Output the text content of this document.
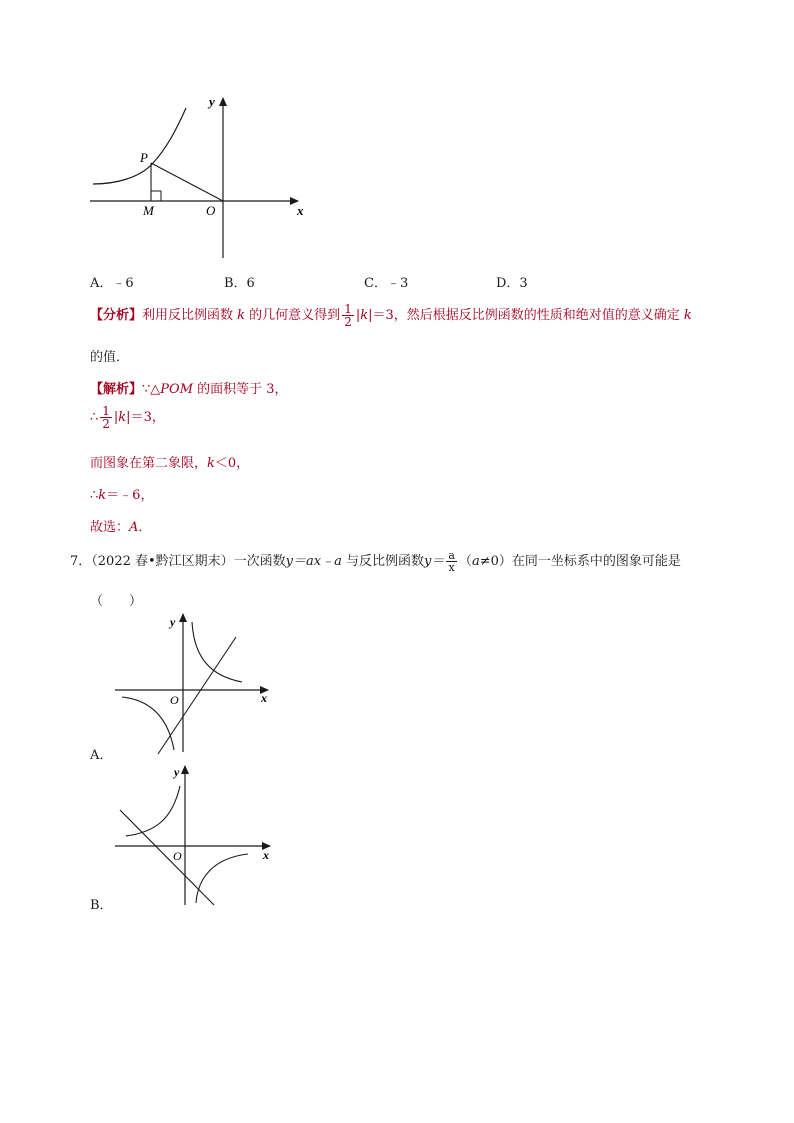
y
x
P
M	O
A．﹣6	B．6	C．﹣3	D．3
【分析】利用反比例函数 k 的几何意义得到 $\frac{1}{2} |k|=3$，然后根据反比例函数的性质和绝对值的意义确定 k
的值．
【解析】∵△POM 的面积等于 3，
∴ $\frac{1}{2} |k|=3$，
而图象在第二象限，k＜0，
∴k＝﹣6，
故选：A．
7．（2022 春•黔江区期末）一次函数y＝ax﹣a 与反比例函数$y= \frac{a}{x} (a\ne 0)$在同一坐标系中的图象可能是
（　　）
y
x
O
A．
y
x
O
B．
